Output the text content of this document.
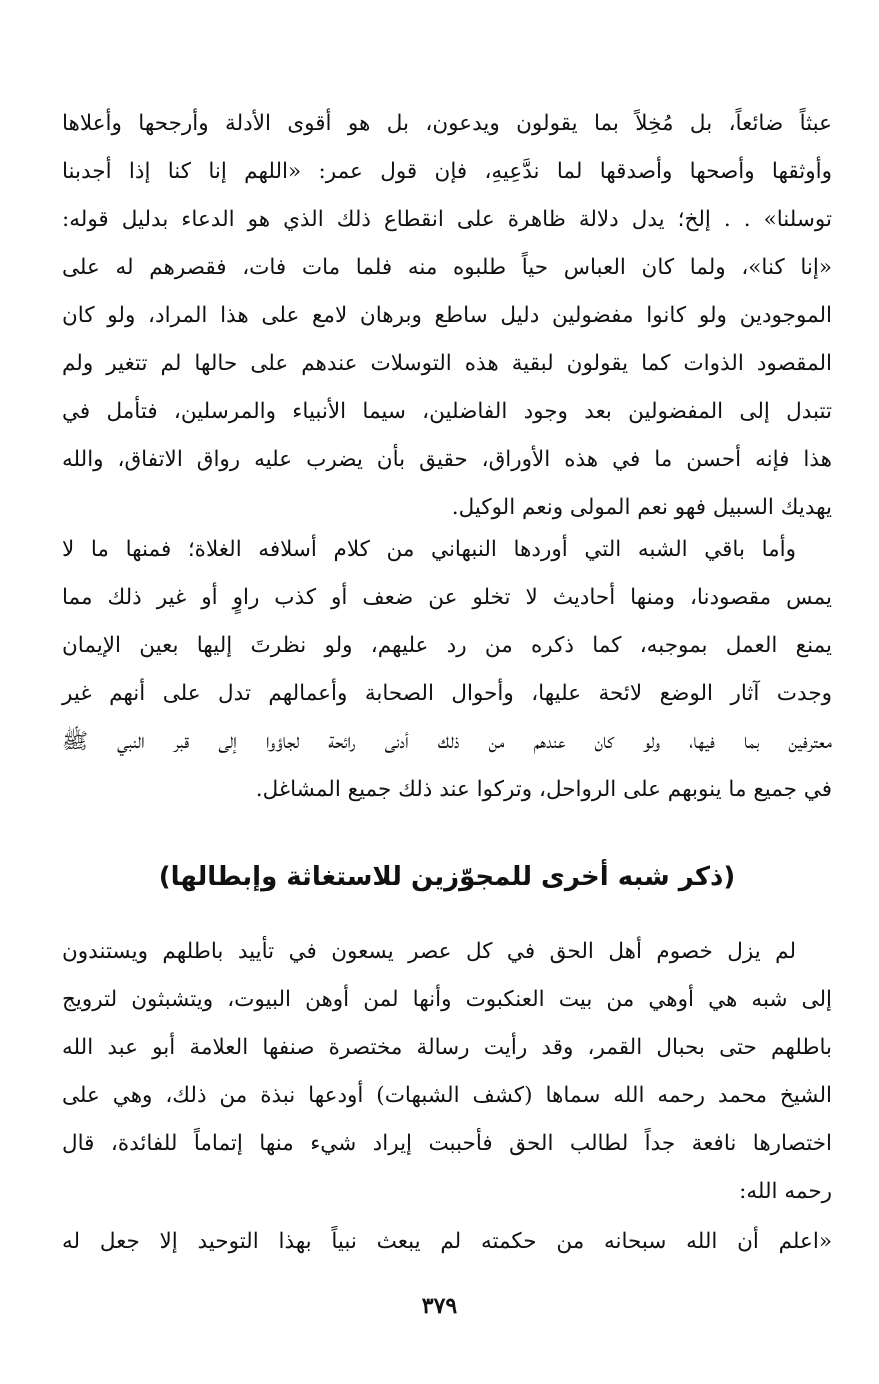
عبثاً ضائعاً، بل مُخِلاً بما يقولون ويدعون، بل هو أقوى الأدلة وأرجحها وأعلاها
وأوثقها وأصحها وأصدقها لما ندَّعِيهِ، فإن قول عمر: «اللهم إنا كنا إذا أجدبنا
توسلنا» . . إلخ؛ يدل دلالة ظاهرة على انقطاع ذلك الذي هو الدعاء بدليل قوله:
«إنا كنا»، ولما كان العباس حياً طلبوه منه فلما مات فات، فقصرهم له على
الموجودين ولو كانوا مفضولين دليل ساطع وبرهان لامع على هذا المراد، ولو كان
المقصود الذوات كما يقولون لبقية هذه التوسلات عندهم على حالها لم تتغير ولم
تتبدل إلى المفضولين بعد وجود الفاضلين، سيما الأنبياء والمرسلين، فتأمل في
هذا فإنه أحسن ما في هذه الأوراق، حقيق بأن يضرب عليه رواق الاتفاق، والله
يهديك السبيل فهو نعم المولى ونعم الوكيل.
وأما باقي الشبه التي أوردها النبهاني من كلام أسلافه الغلاة؛ فمنها ما لا
يمس مقصودنا، ومنها أحاديث لا تخلو عن ضعف أو كذب راوٍ أو غير ذلك مما
يمنع العمل بموجبه، كما ذكره من رد عليهم، ولو نظرتَ إليها بعين الإيمان
وجدت آثار الوضع لائحة عليها، وأحوال الصحابة وأعمالهم تدل على أنهم غير
معترفين بما فيها، ولو كان عندهم من ذلك أدنى رائحة لجاؤوا إلى قبر النبي ﷺ
في جميع ما ينوبهم على الرواحل، وتركوا عند ذلك جميع المشاغل.
(ذكر شبه أخرى للمجوّزين للاستغاثة وإبطالها)
لم يزل خصوم أهل الحق في كل عصر يسعون في تأييد باطلهم ويستندون
إلى شبه هي أوهي من بيت العنكبوت وأنها لمن أوهن البيوت، ويتشبثون لترويج
باطلهم حتى بحبال القمر، وقد رأيت رسالة مختصرة صنفها العلامة أبو عبد الله
الشيخ محمد رحمه الله سماها (كشف الشبهات) أودعها نبذة من ذلك، وهي على
اختصارها نافعة جداً لطالب الحق فأحببت إيراد شيء منها إتماماً للفائدة، قال
رحمه الله:
«اعلم أن الله سبحانه من حكمته لم يبعث نبياً بهذا التوحيد إلا جعل له
٣٧٩
